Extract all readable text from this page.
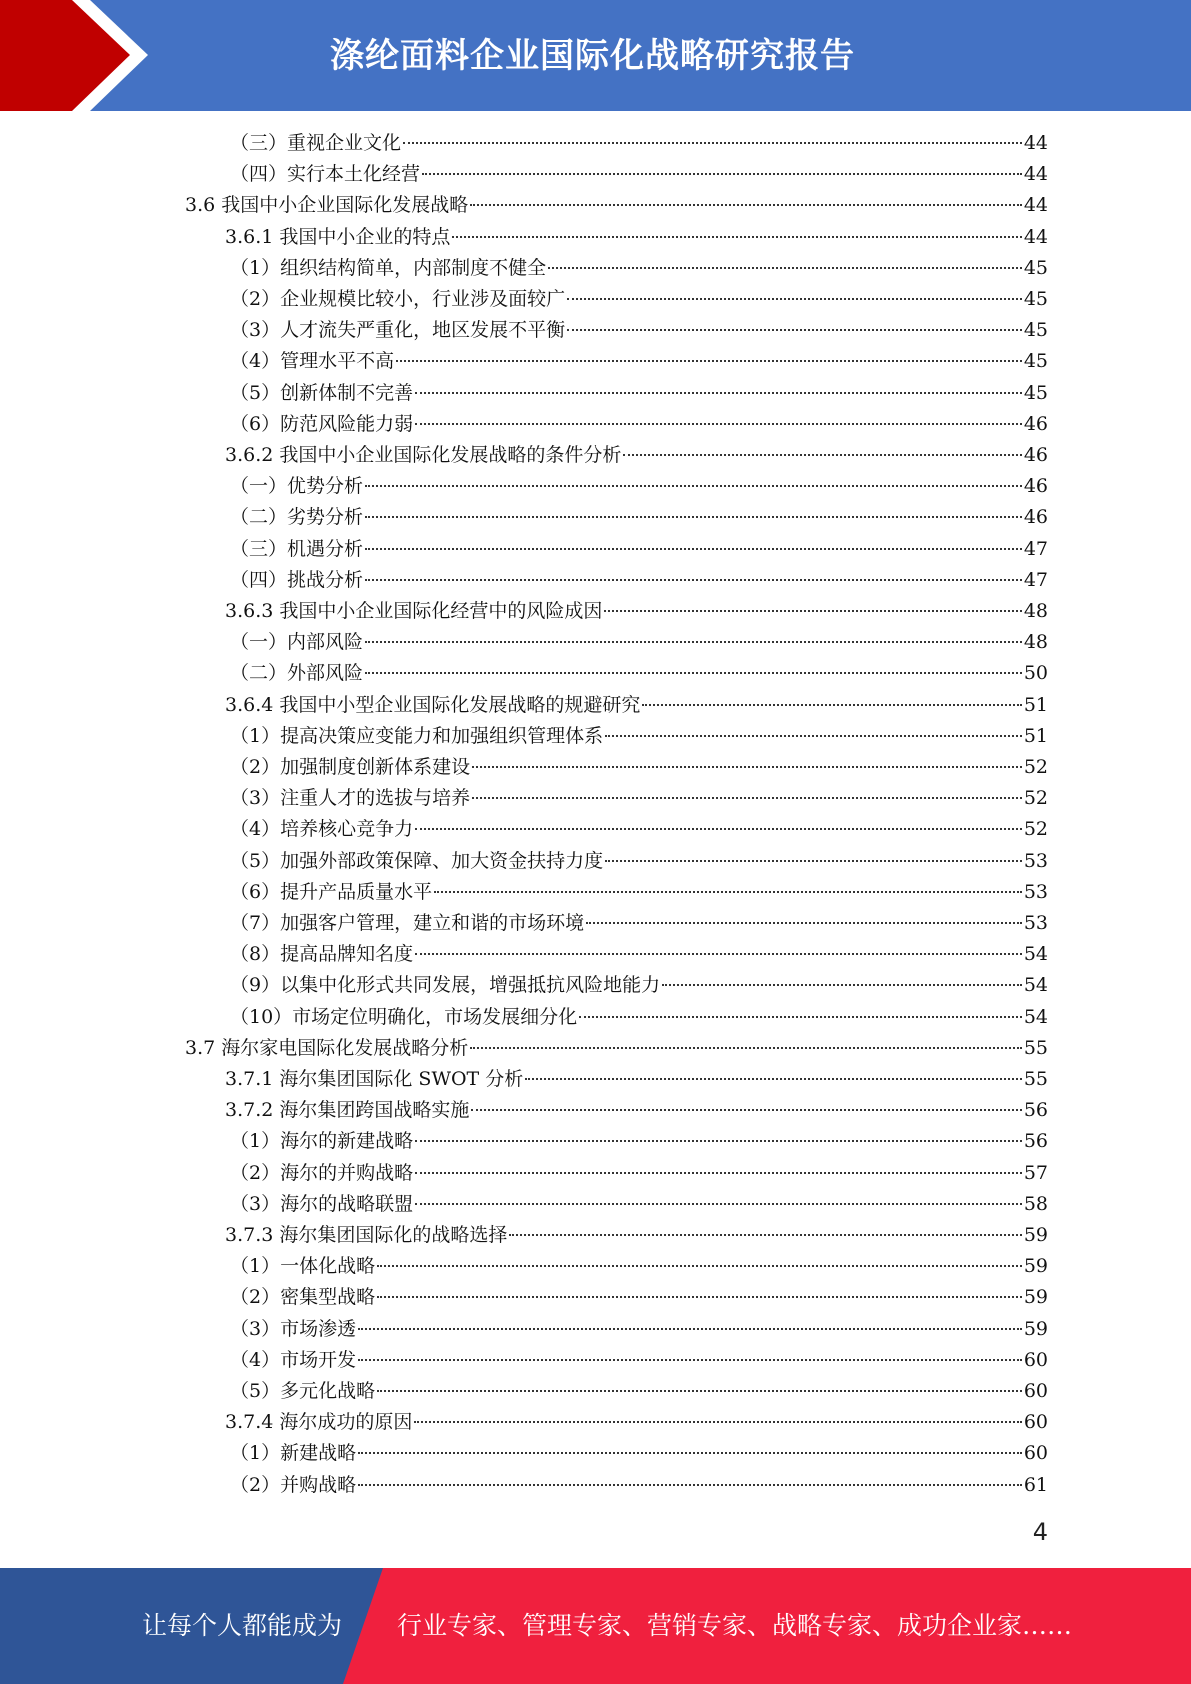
涤纶面料企业国际化战略研究报告
（三）重视企业文化	44
（四）实行本土化经营	44
3.6 我国中小企业国际化发展战略	44
3.6.1 我国中小企业的特点	44
（1）组织结构简单，内部制度不健全	45
（2）企业规模比较小，行业涉及面较广	45
（3）人才流失严重化，地区发展不平衡	45
（4）管理水平不高	45
（5）创新体制不完善	45
（6）防范风险能力弱	46
3.6.2 我国中小企业国际化发展战略的条件分析	46
（一）优势分析	46
（二）劣势分析	46
（三）机遇分析	47
（四）挑战分析	47
3.6.3 我国中小企业国际化经营中的风险成因	48
（一）内部风险	48
（二）外部风险	50
3.6.4 我国中小型企业国际化发展战略的规避研究	51
（1）提高决策应变能力和加强组织管理体系	51
（2）加强制度创新体系建设	52
（3）注重人才的选拔与培养	52
（4）培养核心竞争力	52
（5）加强外部政策保障、加大资金扶持力度	53
（6）提升产品质量水平	53
（7）加强客户管理，建立和谐的市场环境	53
（8）提高品牌知名度	54
（9）以集中化形式共同发展，增强抵抗风险地能力	54
（10）市场定位明确化，市场发展细分化	54
3.7 海尔家电国际化发展战略分析	55
3.7.1 海尔集团国际化 SWOT 分析	55
3.7.2 海尔集团跨国战略实施	56
（1）海尔的新建战略	56
（2）海尔的并购战略	57
（3）海尔的战略联盟	58
3.7.3 海尔集团国际化的战略选择	59
（1）一体化战略	59
（2）密集型战略	59
（3）市场渗透	59
（4）市场开发	60
（5）多元化战略	60
3.7.4 海尔成功的原因	60
（1）新建战略	60
（2）并购战略	61
4
让每个人都能成为 行业专家、管理专家、营销专家、战略专家、成功企业家……
